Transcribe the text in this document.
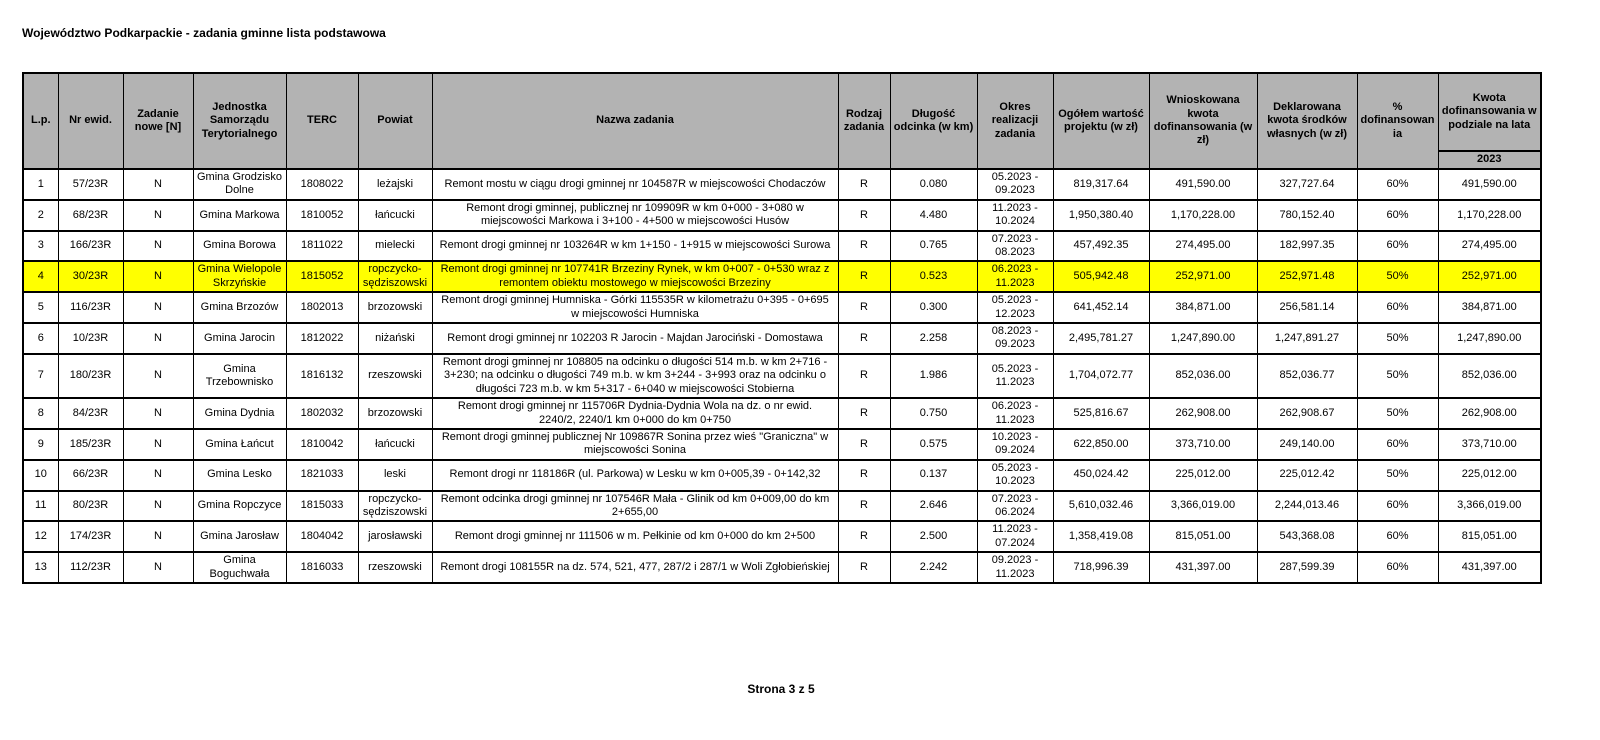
Województwo Podkarpackie - zadania gminne lista podstawowa
L.p.	Nr ewid.	Zadanie nowe [N]	Jednostka Samorządu Terytorialnego	TERC	Powiat	Nazwa zadania	Rodzaj zadania	Długość odcinka (w km)	Okres realizacji zadania	Ogółem wartość projektu (w zł)	Wnioskowana kwota dofinansowania (w zł)	Deklarowana kwota środków własnych (w zł)	% dofinansowania	Kwota dofinansowania w podziale na lata
														2023
1	57/23R	N	Gmina Grodzisko Dolne	1808022	leżajski	Remont mostu w ciągu drogi gminnej nr 104587R w miejscowości Chodaczów	R	0.080	05.2023 - 09.2023	819,317.64	491,590.00	327,727.64	60%	491,590.00
2	68/23R	N	Gmina Markowa	1810052	łańcucki	Remont drogi gminnej, publicznej nr 109909R w km 0+000 - 3+080 w miejscowości Markowa i 3+100 - 4+500 w miejscowości Husów	R	4.480	11.2023 - 10.2024	1,950,380.40	1,170,228.00	780,152.40	60%	1,170,228.00
3	166/23R	N	Gmina Borowa	1811022	mielecki	Remont drogi gminnej nr 103264R w km 1+150 - 1+915 w miejscowości Surowa	R	0.765	07.2023 - 08.2023	457,492.35	274,495.00	182,997.35	60%	274,495.00
4	30/23R	N	Gmina Wielopole Skrzyńskie	1815052	ropczycko-sędziszowski	Remont drogi gminnej nr 107741R Brzeziny Rynek, w km 0+007 - 0+530 wraz z remontem obiektu mostowego w miejscowości Brzeziny	R	0.523	06.2023 - 11.2023	505,942.48	252,971.00	252,971.48	50%	252,971.00
5	116/23R	N	Gmina Brzozów	1802013	brzozowski	Remont drogi gminnej Humniska - Górki 115535R w kilometrażu 0+395 - 0+695 w miejscowości Humniska	R	0.300	05.2023 - 12.2023	641,452.14	384,871.00	256,581.14	60%	384,871.00
6	10/23R	N	Gmina Jarocin	1812022	niżański	Remont drogi gminnej nr 102203 R Jarocin - Majdan Jarociński - Domostawa	R	2.258	08.2023 - 09.2023	2,495,781.27	1,247,890.00	1,247,891.27	50%	1,247,890.00
7	180/23R	N	Gmina Trzebownisko	1816132	rzeszowski	Remont drogi gminnej nr 108805 na odcinku o długości 514 m.b. w km 2+716 - 3+230; na odcinku o długości 749 m.b. w km 3+244 - 3+993 oraz na odcinku o długości 723 m.b. w km 5+317 - 6+040 w miejscowości Stobierna	R	1.986	05.2023 - 11.2023	1,704,072.77	852,036.00	852,036.77	50%	852,036.00
8	84/23R	N	Gmina Dydnia	1802032	brzozowski	Remont drogi gminnej nr 115706R Dydnia-Dydnia Wola na dz. o nr ewid. 2240/2, 2240/1 km 0+000 do km 0+750	R	0.750	06.2023 - 11.2023	525,816.67	262,908.00	262,908.67	50%	262,908.00
9	185/23R	N	Gmina Łańcut	1810042	łańcucki	Remont drogi gminnej publicznej Nr 109867R Sonina przez wieś "Graniczna" w miejscowości Sonina	R	0.575	10.2023 - 09.2024	622,850.00	373,710.00	249,140.00	60%	373,710.00
10	66/23R	N	Gmina Lesko	1821033	leski	Remont drogi nr 118186R (ul. Parkowa) w Lesku w km 0+005,39 - 0+142,32	R	0.137	05.2023 - 10.2023	450,024.42	225,012.00	225,012.42	50%	225,012.00
11	80/23R	N	Gmina Ropczyce	1815033	ropczycko-sędziszowski	Remont odcinka drogi gminnej nr 107546R Mała - Glinik od km 0+009,00 do km 2+655,00	R	2.646	07.2023 - 06.2024	5,610,032.46	3,366,019.00	2,244,013.46	60%	3,366,019.00
12	174/23R	N	Gmina Jarosław	1804042	jarosławski	Remont drogi gminnej nr 111506 w m. Pełkinie od km 0+000 do km 2+500	R	2.500	11.2023 - 07.2024	1,358,419.08	815,051.00	543,368.08	60%	815,051.00
13	112/23R	N	Gmina Boguchwała	1816033	rzeszowski	Remont drogi 108155R na dz. 574, 521, 477, 287/2 i 287/1 w Woli Zgłobieńskiej	R	2.242	09.2023 - 11.2023	718,996.39	431,397.00	287,599.39	60%	431,397.00
Strona 3 z 5
